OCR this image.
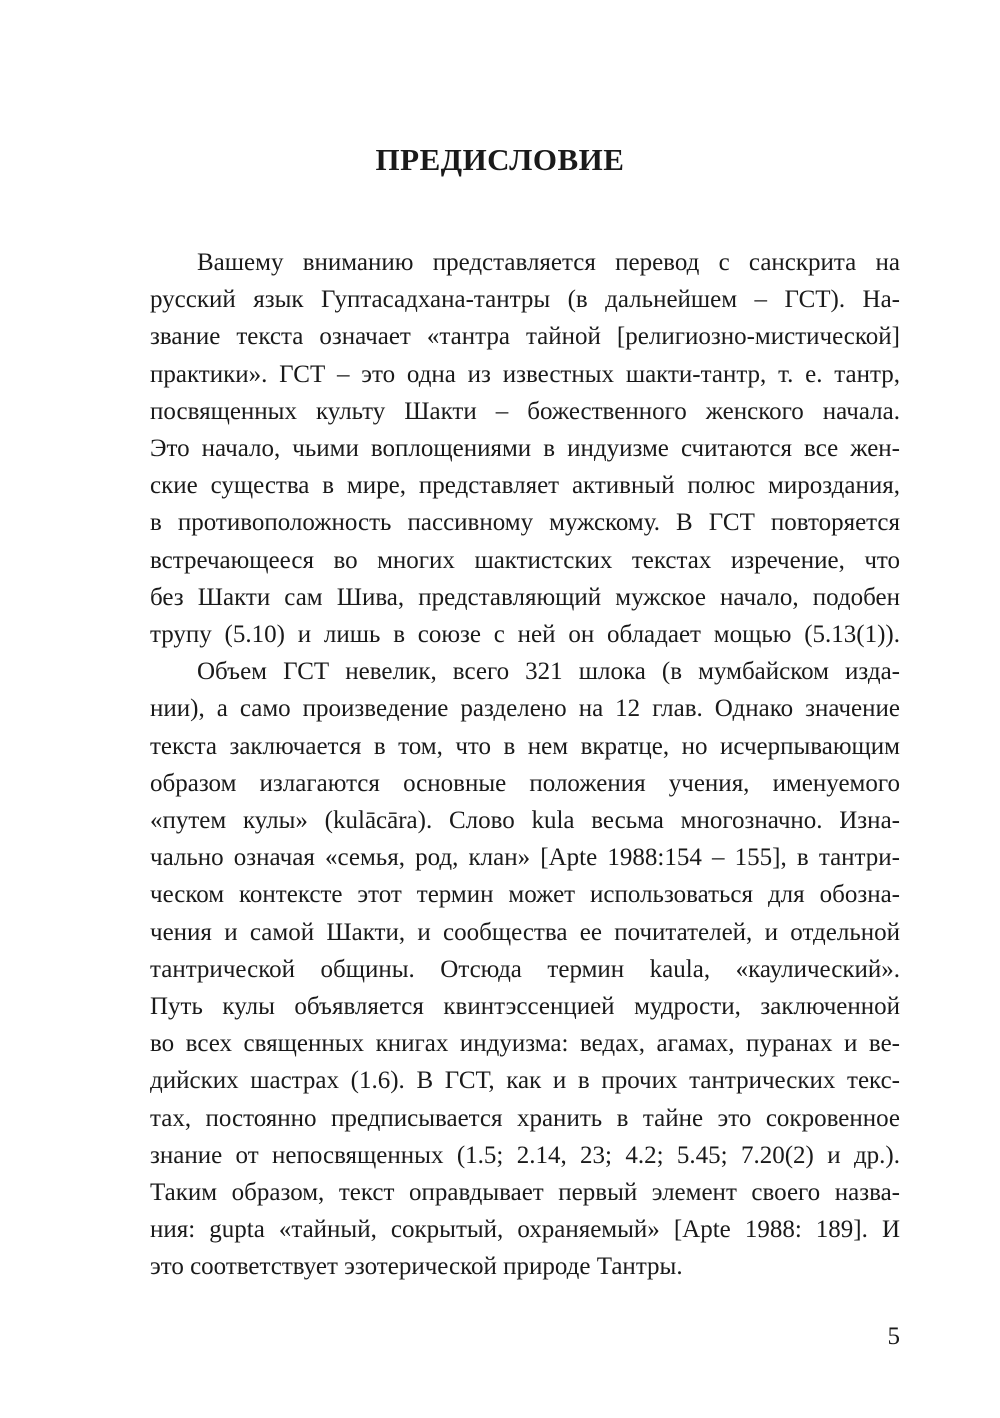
ПРЕДИСЛОВИЕ

Вашему вниманию представляется перевод с санскрита на
русский язык Гуптасадхана-тантры (в дальнейшем – ГСТ). На-
звание текста означает «тантра тайной [религиозно-мистической]
практики». ГСТ – это одна из известных шакти-тантр, т. е. тантр,
посвященных культу Шакти – божественного женского начала.
Это начало, чьими воплощениями в индуизме считаются все жен-
ские существа в мире, представляет активный полюс мироздания,
в противоположность пассивному мужскому. В ГСТ повторяется
встречающееся во многих шактистских текстах изречение, что
без Шакти сам Шива, представляющий мужское начало, подобен
трупу (5.10) и лишь в союзе с ней он обладает мощью (5.13(1)).

Объем ГСТ невелик, всего 321 шлока (в мумбайском изда-
нии), а само произведение разделено на 12 глав. Однако значение
текста заключается в том, что в нем вкратце, но исчерпывающим
образом излагаются основные положения учения, именуемого
«путем кулы» (kulācāra). Слово kula весьма многозначно. Изна-
чально означая «семья, род, клан» [Apte 1988:154 – 155], в тантри-
ческом контексте этот термин может использоваться для обозна-
чения и самой Шакти, и сообщества ее почитателей, и отдельной
тантрической общины. Отсюда термин kaula, «каулический».
Путь кулы объявляется квинтэссенцией мудрости, заключенной
во всех священных книгах индуизма: ведах, агамах, пуранах и ве-
дийских шастрах (1.6). В ГСТ, как и в прочих тантрических текс-
тах, постоянно предписывается хранить в тайне это сокровенное
знание от непосвященных (1.5; 2.14, 23; 4.2; 5.45; 7.20(2) и др.).
Таким образом, текст оправдывает первый элемент своего назва-
ния: gupta «тайный, сокрытый, охраняемый» [Apte 1988: 189]. И
это соответствует эзотерической природе Тантры.

5
